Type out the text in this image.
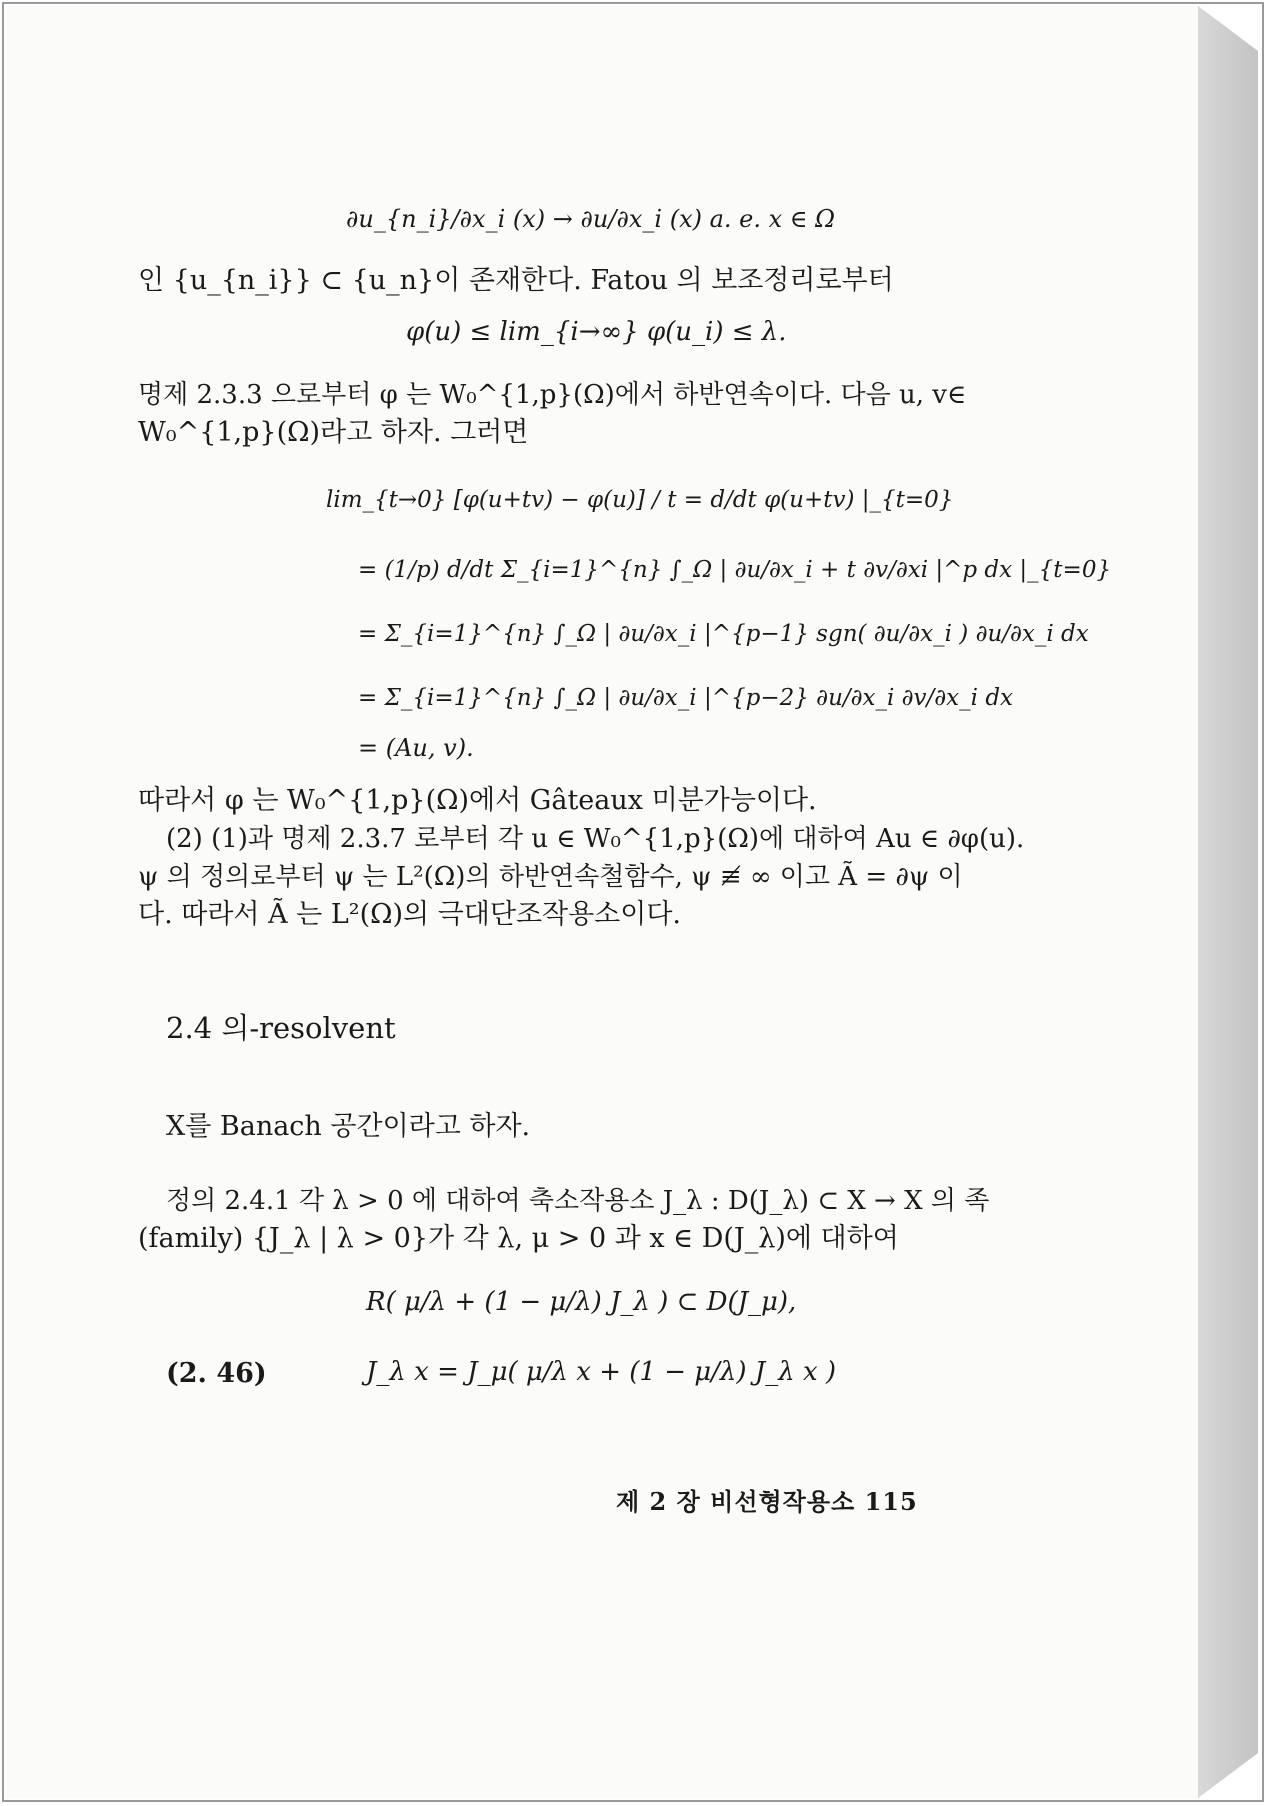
∂u_{n_i}/∂x_i (x) → ∂u/∂x_i (x) a. e. x ∈ Ω
인 {u_{n_i}} ⊂ {u_n}이 존재한다. Fatou 의 보조정리로부터
φ(u) ≤ lim_{i→∞} φ(u_i) ≤ λ.
명제 2.3.3 으로부터 φ 는 W₀^{1,p}(Ω)에서 하반연속이다. 다음 u, v∈
W₀^{1,p}(Ω)라고 하자. 그러면
lim_{t→0} [φ(u+tv) − φ(u)] / t = d/dt φ(u+tv) |_{t=0}
= (1/p) d/dt Σ_{i=1}^{n} ∫_Ω | ∂u/∂x_i + t ∂v/∂xi |^p dx |_{t=0}
= Σ_{i=1}^{n} ∫_Ω | ∂u/∂x_i |^{p−1} sgn( ∂u/∂x_i ) ∂u/∂x_i dx
= Σ_{i=1}^{n} ∫_Ω | ∂u/∂x_i |^{p−2} ∂u/∂x_i ∂v/∂x_i dx
= (Au, v).
따라서 φ 는 W₀^{1,p}(Ω)에서 Gâteaux 미분가능이다.
(2) (1)과 명제 2.3.7 로부터 각 u ∈ W₀^{1,p}(Ω)에 대하여 Au ∈ ∂φ(u).
ψ 의 정의로부터 ψ 는 L²(Ω)의 하반연속철함수, ψ ≢ ∞ 이고 Ã = ∂ψ 이
다. 따라서 Ã 는 L²(Ω)의 극대단조작용소이다.
2.4 의-resolvent
X를 Banach 공간이라고 하자.
정의 2.4.1 각 λ > 0 에 대하여 축소작용소 J_λ : D(J_λ) ⊂ X → X 의 족
(family) {J_λ | λ > 0}가 각 λ, μ > 0 과 x ∈ D(J_λ)에 대하여
R( μ/λ + (1 − μ/λ) J_λ ) ⊂ D(J_μ),
(2. 46)	J_λ x = J_μ( μ/λ x + (1 − μ/λ) J_λ x )
제 2 장 비선형작용소 115
